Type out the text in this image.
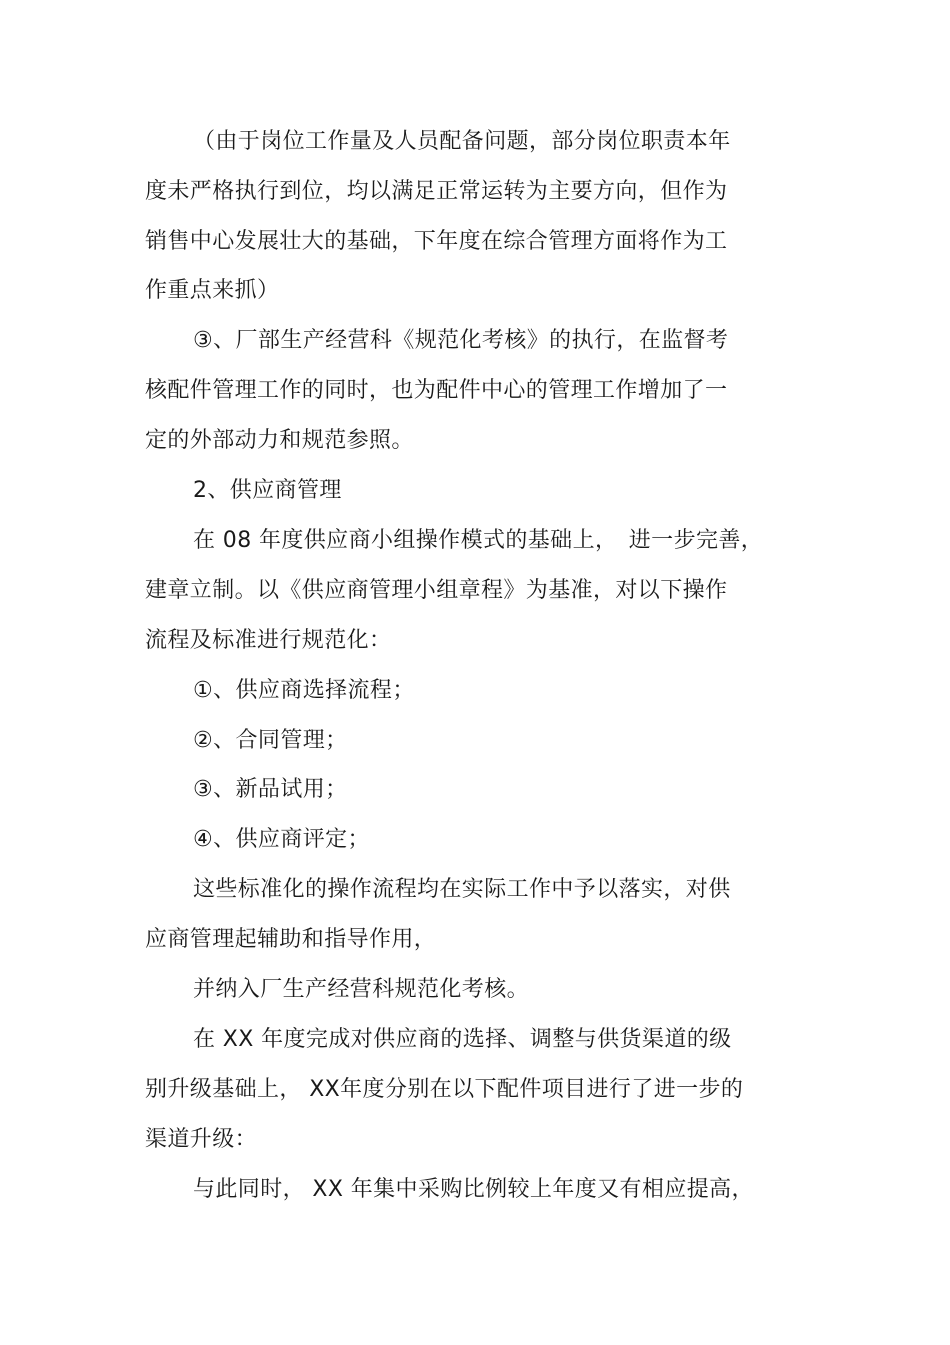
（由于岗位工作量及人员配备问题，部分岗位职责本年
度未严格执行到位，均以满足正常运转为主要方向，但作为
销售中心发展壮大的基础，下年度在综合管理方面将作为工
作重点来抓）
③、厂部生产经营科《规范化考核》的执行，在监督考
核配件管理工作的同时，也为配件中心的管理工作增加了一
定的外部动力和规范参照。
2、供应商管理
在 08 年度供应商小组操作模式的基础上，　进一步完善，
建章立制。以《供应商管理小组章程》为基准，对以下操作
流程及标准进行规范化：
①、供应商选择流程；
②、合同管理；
③、新品试用；
④、供应商评定；
这些标准化的操作流程均在实际工作中予以落实，对供
应商管理起辅助和指导作用，
并纳入厂生产经营科规范化考核。
在 XX 年度完成对供应商的选择、调整与供货渠道的级
别升级基础上， XX年度分别在以下配件项目进行了进一步的
渠道升级：
与此同时， XX 年集中采购比例较上年度又有相应提高，
